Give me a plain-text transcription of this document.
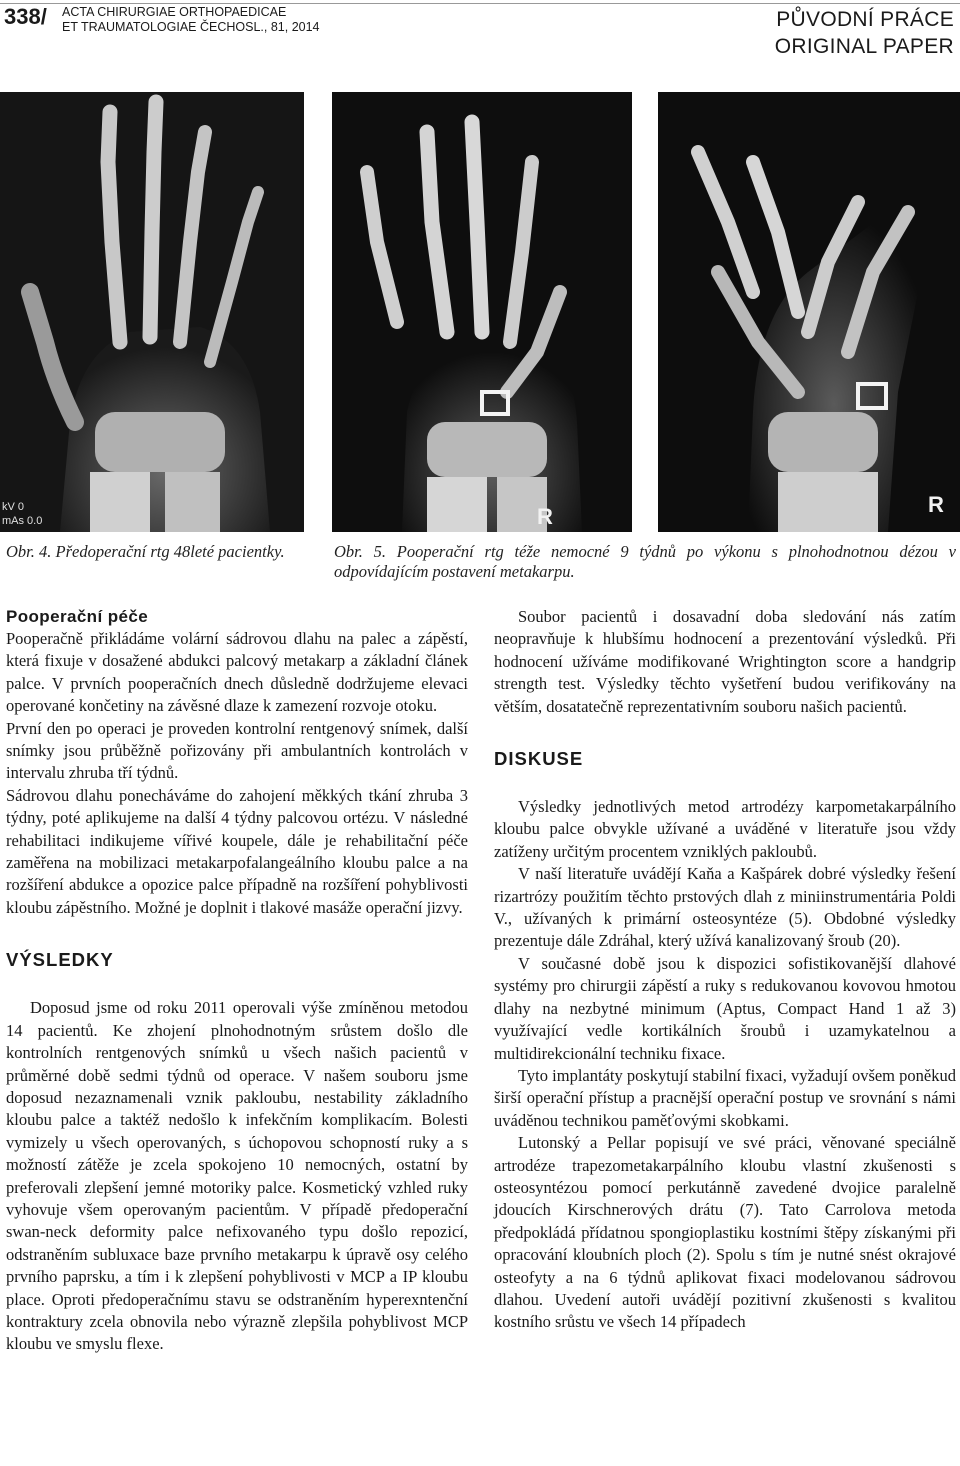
338/ ACTA CHIRURGIAE ORTHOPAEDICAE
ET TRAUMATOLOGIAE ČECHOSL., 81, 2014	PŮVODNÍ PRÁCE
ORIGINAL PAPER
kV 0
mAs 0.0	R	R
Obr. 4. Předoperační rtg 48leté pacientky.	Obr. 5. Pooperační rtg téže nemocné 9 týdnů po výkonu s plnohodnotnou dézou v odpovídajícím postavení metakarpu.
Pooperační péče

Pooperačně přikládáme volární sádrovou dlahu na palec a zápěstí, která fixuje v dosažené abdukci palcový metakarp a základní článek palce. V prvních pooperačních dnech důsledně dodržujeme elevaci operované končetiny na závěsné dlaze k zamezení rozvoje otoku.

První den po operaci je proveden kontrolní rentgenový snímek, další snímky jsou průběžně pořizovány při ambulantních kontrolách v intervalu zhruba tří týdnů.

Sádrovou dlahu ponecháváme do zahojení měkkých tkání zhruba 3 týdny, poté aplikujeme na další 4 týdny palcovou ortézu. V následné rehabilitaci indikujeme vířivé koupele, dále je rehabilitační péče zaměřena na mobilizaci metakarpofalangeálního kloubu palce a na rozšíření abdukce a opozice palce případně na rozšíření pohyblivosti kloubu zápěstního. Možné je doplnit i tlakové masáže operační jizvy.

VÝSLEDKY

Doposud jsme od roku 2011 operovali výše zmíněnou metodou 14 pacientů. Ke zhojení plnohodnotným srůstem došlo dle kontrolních rentgenových snímků u všech našich pacientů v průměrné době sedmi týdnů od operace. V našem souboru jsme doposud nezaznamenali vznik pakloubu, nestability základního kloubu palce a taktéž nedošlo k infekčním komplikacím. Bolesti vymizely u všech operovaných, s úchopovou schopností ruky a s možností zátěže je zcela spokojeno 10 nemocných, ostatní by preferovali zlepšení jemné motoriky palce. Kosmetický vzhled ruky vyhovuje všem operovaným pacientům. V případě předoperační swan-neck deformity palce nefixovaného typu došlo repozicí, odstraněním subluxace baze prvního metakarpu k úpravě osy celého prvního paprsku, a tím i k zlepšení pohyblivosti v MCP a IP kloubu place. Oproti předoperačnímu stavu se odstraněním hyperexntenční kontraktury zcela obnovila nebo výrazně zlepšila pohyblivost MCP kloubu ve smyslu flexe.

Soubor pacientů i dosavadní doba sledování nás zatím neopravňuje k hlubšímu hodnocení a prezentování výsledků. Při hodnocení užíváme modifikované Wrightington score a handgrip strength test. Výsledky těchto vyšetření budou verifikovány na větším, dosatatečně reprezentativním souboru našich pacientů.

DISKUSE

Výsledky jednotlivých metod artrodézy karpometakarpálního kloubu palce obvykle užívané a uváděné v literatuře jsou vždy zatíženy určitým procentem vzniklých pakloubů.

V naší literatuře uvádějí Kaňa a Kašpárek dobré výsledky řešení rizartrózy použitím těchto prstových dlah z miniinstrumentária Poldi V., užívaných k primární osteosyntéze (5). Obdobné výsledky prezentuje dále Zdráhal, který užívá kanalizovaný šroub (20).

V současné době jsou k dispozici sofistikovanější dlahové systémy pro chirurgii zápěstí a ruky s redukovanou kovovou hmotou dlahy na nezbytné minimum (Aptus, Compact Hand 1 až 3) využívající vedle kortikálních šroubů i uzamykatelnou a multidirekcionální techniku fixace.

Tyto implantáty poskytují stabilní fixaci, vyžadují ovšem poněkud širší operační přístup a pracnější operační postup ve srovnání s námi uváděnou technikou paměťovými skobkami.

Lutonský a Pellar popisují ve své práci, věnované speciálně artrodéze trapezometakarpálního kloubu vlastní zkušenosti s osteosyntézou pomocí perkutánně zavedené dvojice paralelně jdoucích Kirschnerových drátu (7). Tato Carrolova metoda předpokládá přídatnou spongioplastiku kostními štěpy získanými při opracování kloubních ploch (2). Spolu s tím je nutné snést okrajové osteofyty a na 6 týdnů aplikovat fixaci modelovanou sádrovou dlahou. Uvedení autoři uvádějí pozitivní zkušenosti s kvalitou kostního srůstu ve všech 14 případech
